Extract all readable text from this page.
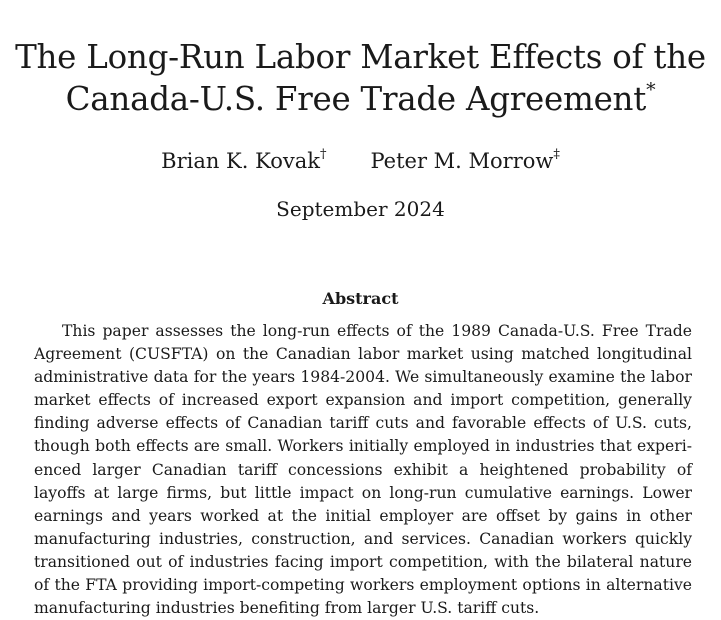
The Long-Run Labor Market Effects of the
Canada-U.S. Free Trade Agreement*
Brian K. Kovak† Peter M. Morrow‡
September 2024
Abstract

This paper assesses the long-run effects of the 1989 Canada-U.S. Free Trade Agreement (CUSFTA) on the Canadian labor market using matched longitudinal administrative data for the years 1984-2004. We simultaneously examine the labor market effects of increased export expansion and import competition, generally finding adverse effects of Canadian tariff cuts and favorable effects of U.S. cuts, though both effects are small. Workers initially employed in industries that experienced larger Canadian tariff concessions exhibit a heightened probability of layoffs at large firms, but little impact on long-run cumulative earnings. Lower earnings and years worked at the initial employer are offset by gains in other manufacturing industries, construction, and services. Canadian workers quickly transitioned out of industries facing import competition, with the bilateral nature of the FTA providing import-competing workers employment options in alternative manufacturing industries benefiting from larger U.S. tariff cuts.
